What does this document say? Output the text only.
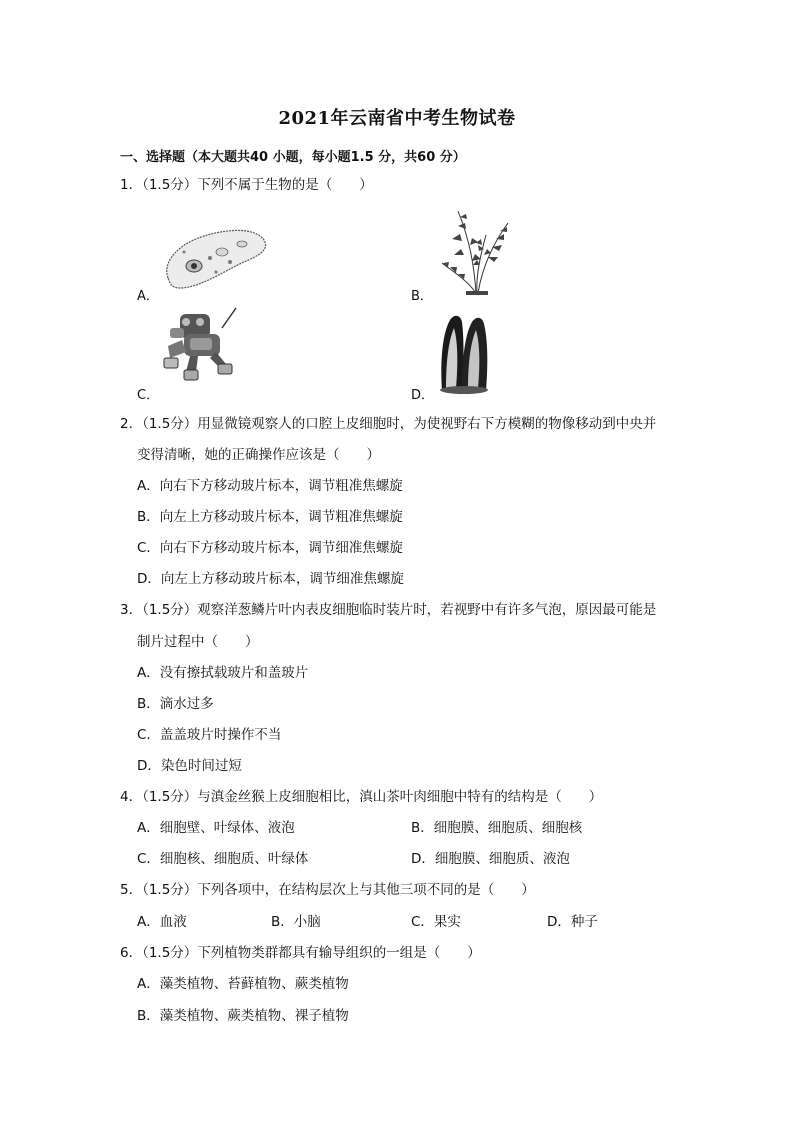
2021年云南省中考生物试卷
一、选择题（本大题共40 小题，每小题1.5 分，共60 分）
1．（1.5分）下列不属于生物的是（　　）
A．	B．
C．	D．
2．（1.5分）用显微镜观察人的口腔上皮细胞时，为使视野右下方模糊的物像移动到中央并
变得清晰，她的正确操作应该是（　　）
A．向右下方移动玻片标本，调节粗准焦螺旋
B．向左上方移动玻片标本，调节粗准焦螺旋
C．向右下方移动玻片标本，调节细准焦螺旋
D．向左上方移动玻片标本，调节细准焦螺旋
3．（1.5分）观察洋葱鳞片叶内表皮细胞临时装片时，若视野中有许多气泡，原因最可能是
制片过程中（　　）
A．没有擦拭载玻片和盖玻片
B．滴水过多
C．盖盖玻片时操作不当
D．染色时间过短
4．（1.5分）与滇金丝猴上皮细胞相比，滇山茶叶肉细胞中特有的结构是（　　）
A．细胞壁、叶绿体、液泡	B．细胞膜、细胞质、细胞核
C．细胞核、细胞质、叶绿体	D．细胞膜、细胞质、液泡
5．（1.5分）下列各项中，在结构层次上与其他三项不同的是（　　）
A．血液	B．小脑	C．果实	D．种子
6．（1.5分）下列植物类群都具有输导组织的一组是（　　）
A．藻类植物、苔藓植物、蕨类植物
B．藻类植物、蕨类植物、裸子植物
